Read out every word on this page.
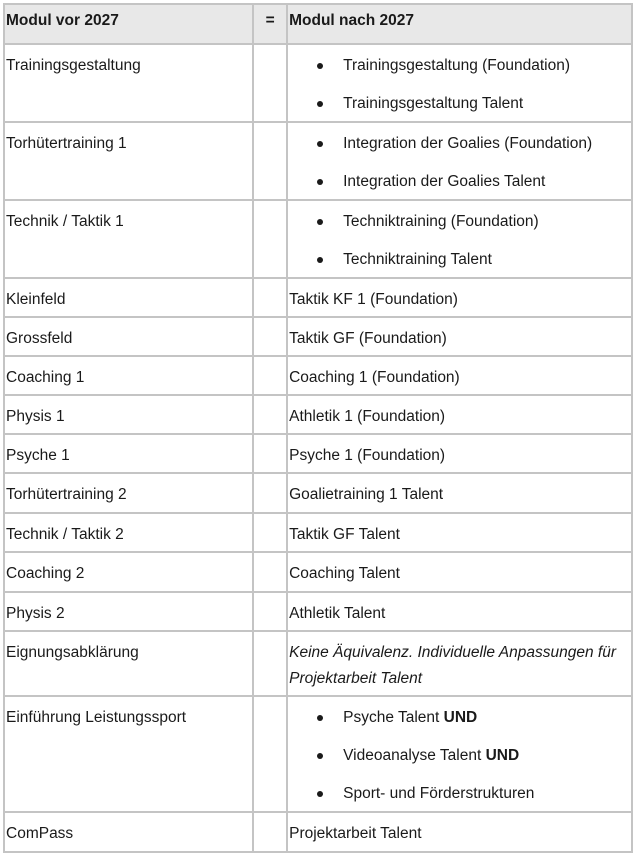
Modul vor 2027	= Modul nach 2027
Trainingsgestaltung	Trainingsgestaltung (Foundation)
Trainingsgestaltung Talent
Torhütertraining 1	Integration der Goalies (Foundation)
Integration der Goalies Talent
Technik / Taktik 1	Techniktraining (Foundation)
Techniktraining Talent
Kleinfeld	Taktik KF 1 (Foundation)
Grossfeld	Taktik GF (Foundation)
Coaching 1	Coaching 1 (Foundation)
Physis 1	Athletik 1 (Foundation)
Psyche 1	Psyche 1 (Foundation)
Torhütertraining 2	Goalietraining 1 Talent
Technik / Taktik 2	Taktik GF Talent
Coaching 2	Coaching Talent
Physis 2	Athletik Talent
Eignungsabklärung	Keine Äquivalenz. Individuelle Anpassungen für Projektarbeit Talent
Einführung Leistungssport	Psyche Talent UND
Videoanalyse Talent UND
Sport- und Förderstrukturen
ComPass	Projektarbeit Talent
